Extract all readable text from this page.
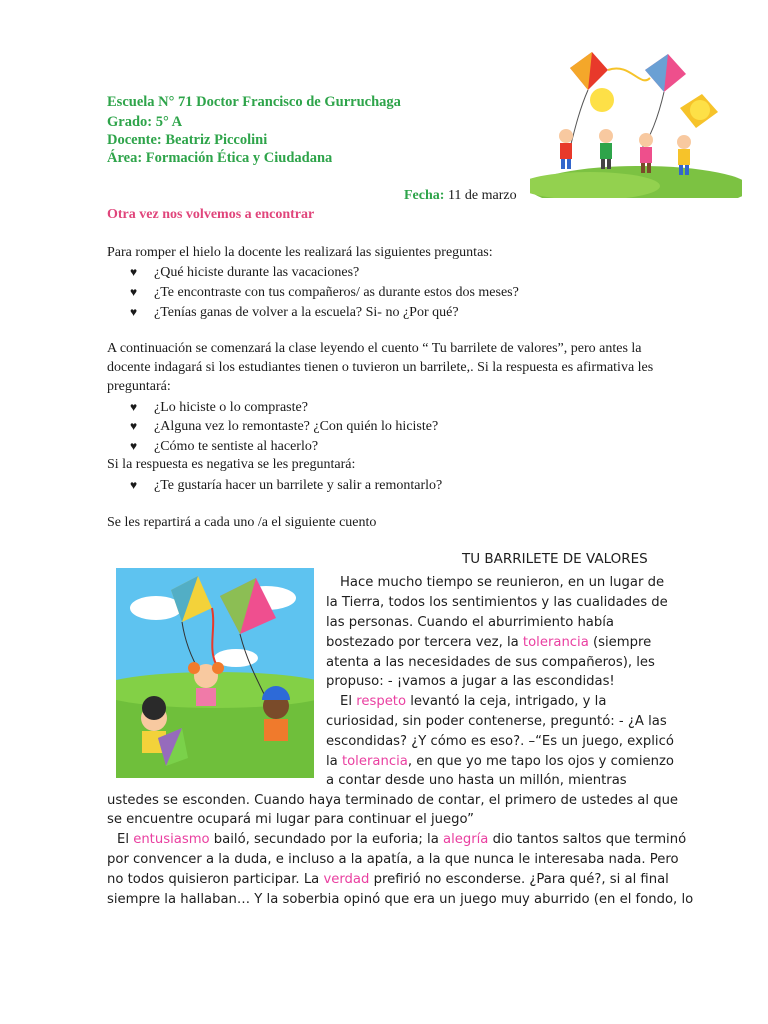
Escuela N° 71 Doctor Francisco de Gurruchaga
Grado: 5° A
Docente: Beatriz Piccolini
Área: Formación Ética y Ciudadana
Fecha: 11 de marzo
Otra vez nos volvemos a encontrar
Para romper el hielo la docente les realizará las siguientes preguntas:
♥ ¿Qué hiciste durante las vacaciones?
♥ ¿Te encontraste con tus compañeros/ as durante estos dos meses?
♥ ¿Tenías ganas de volver a la escuela? Si- no ¿Por qué?
A continuación se comenzará la clase leyendo el cuento “ Tu barrilete de valores”, pero antes la
docente indagará si los estudiantes tienen o tuvieron un barrilete,. Si la respuesta es afirmativa les
preguntará:
♥ ¿Lo hiciste o lo compraste?
♥ ¿Alguna vez lo remontaste? ¿Con quién lo hiciste?
♥ ¿Cómo te sentiste al hacerlo?
Si la respuesta es negativa se les preguntará:
♥ ¿Te gustaría hacer un barrilete y salir a remontarlo?
Se les repartirá a cada uno /a el siguiente cuento
TU BARRILETE DE VALORES
Hace mucho tiempo se reunieron, en un lugar de
la Tierra, todos los sentimientos y las cualidades de
las personas. Cuando el aburrimiento había
bostezado por tercera vez, la tolerancia (siempre
atenta a las necesidades de sus compañeros), les
propuso: - ¡vamos a jugar a las escondidas!
El respeto levantó la ceja, intrigado, y la
curiosidad, sin poder contenerse, preguntó: - ¿A las
escondidas? ¿Y cómo es eso?. –“Es un juego, explicó
la tolerancia, en que yo me tapo los ojos y comienzo
a contar desde uno hasta un millón, mientras
ustedes se esconden. Cuando haya terminado de contar, el primero de ustedes al que
se encuentre ocupará mi lugar para continuar el juego”
El entusiasmo bailó, secundado por la euforia; la alegría dio tantos saltos que terminó
por convencer a la duda, e incluso a la apatía, a la que nunca le interesaba nada. Pero
no todos quisieron participar. La verdad prefirió no esconderse. ¿Para qué?, si al final
siempre la hallaban… Y la soberbia opinó que era un juego muy aburrido (en el fondo, lo
